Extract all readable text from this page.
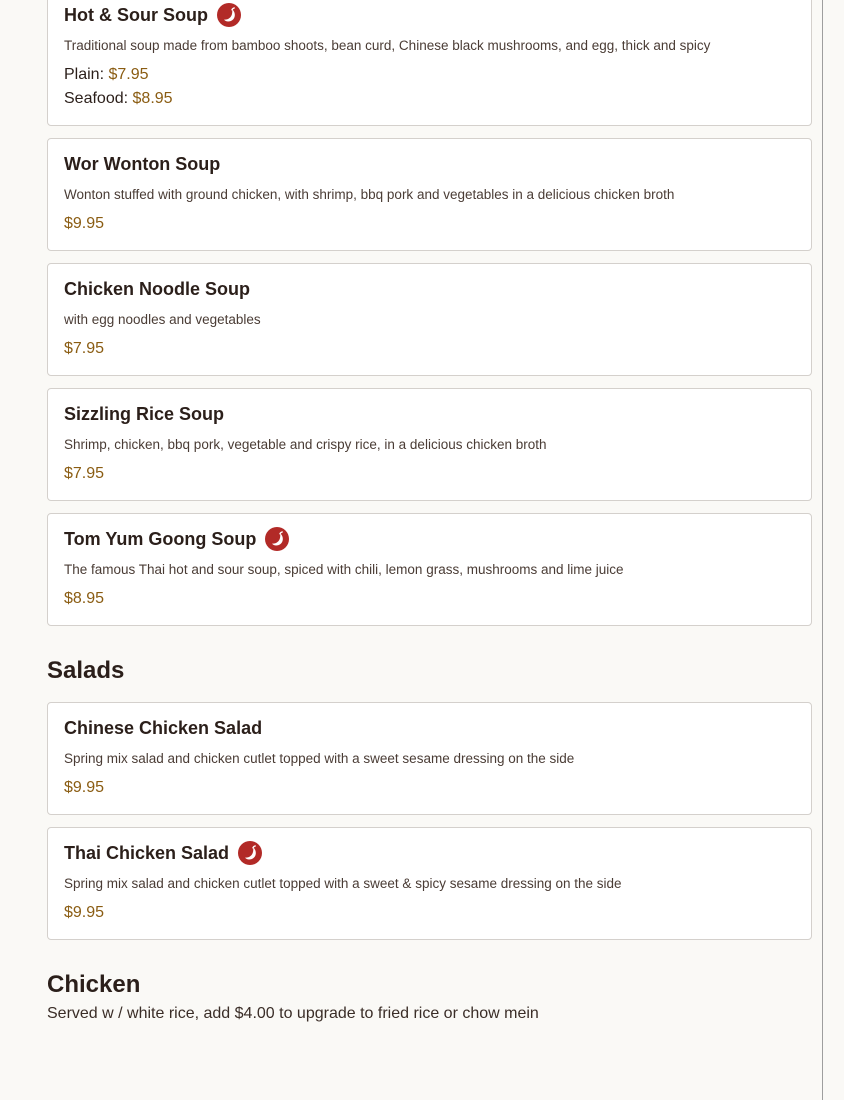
Hot & Sour Soup
Traditional soup made from bamboo shoots, bean curd, Chinese black mushrooms, and egg, thick and spicy
Plain: $7.95
Seafood: $8.95
Wor Wonton Soup
Wonton stuffed with ground chicken, with shrimp, bbq pork and vegetables in a delicious chicken broth
$9.95
Chicken Noodle Soup
with egg noodles and vegetables
$7.95
Sizzling Rice Soup
Shrimp, chicken, bbq pork, vegetable and crispy rice, in a delicious chicken broth
$7.95
Tom Yum Goong Soup
The famous Thai hot and sour soup, spiced with chili, lemon grass, mushrooms and lime juice
$8.95
Salads
Chinese Chicken Salad
Spring mix salad and chicken cutlet topped with a sweet sesame dressing on the side
$9.95
Thai Chicken Salad
Spring mix salad and chicken cutlet topped with a sweet & spicy sesame dressing on the side
$9.95
Chicken
Served w / white rice, add $4.00 to upgrade to fried rice or chow mein
